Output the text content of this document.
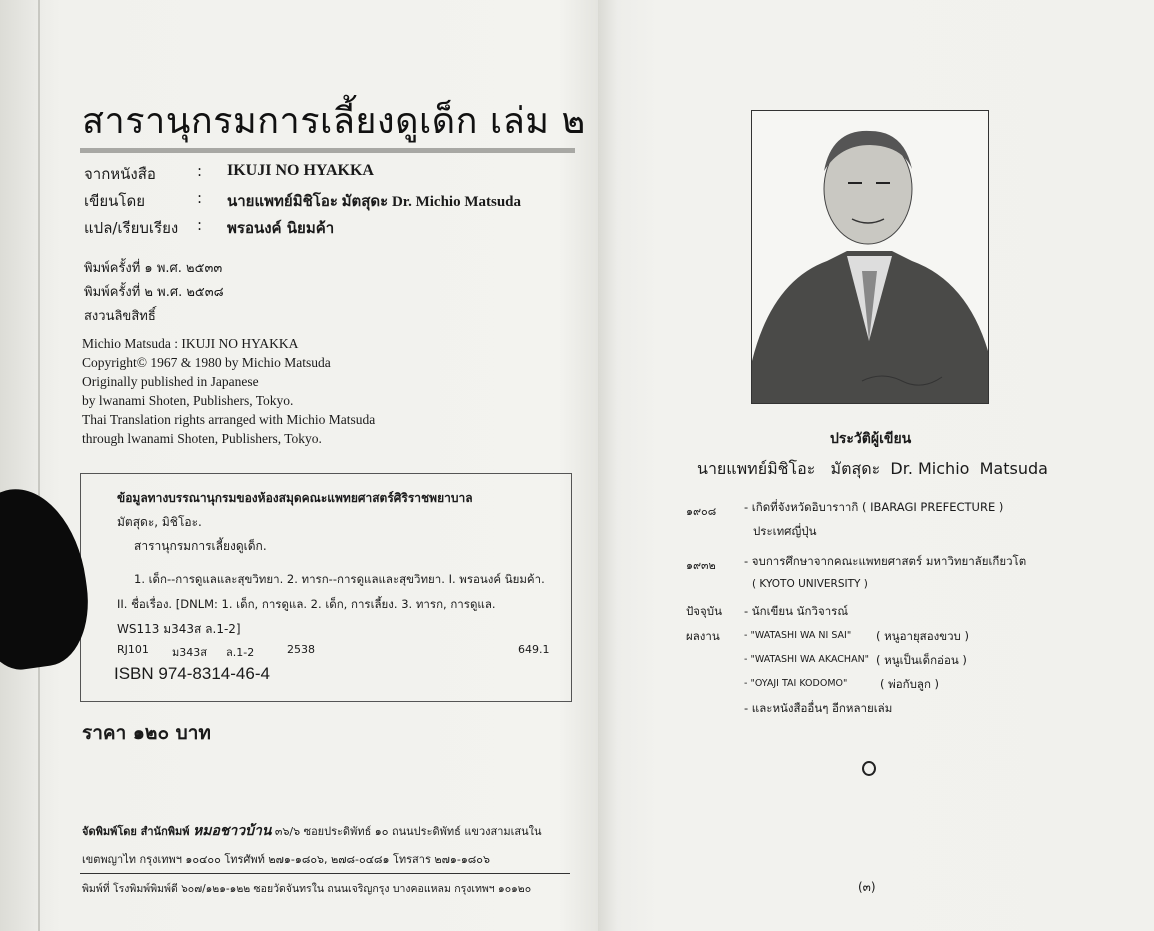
สารานุกรมการเลี้ยงดูเด็ก เล่ม ๒
จากหนังสือ	: IKUJI NO HYAKKA
เขียนโดย	: นายแพทย์มิชิโอะ มัตสุดะ Dr. Michio Matsuda
แปล/เรียบเรียง : พรอนงค์ นิยมค้า
พิมพ์ครั้งที่ ๑ พ.ศ. ๒๕๓๓
พิมพ์ครั้งที่ ๒ พ.ศ. ๒๕๓๘
สงวนลิขสิทธิ์
Michio Matsuda : IKUJI NO HYAKKA
Copyright© 1967 & 1980 by Michio Matsuda
Originally published in Japanese
by lwanami Shoten, Publishers, Tokyo.
Thai Translation rights arranged with Michio Matsuda
through lwanami Shoten, Publishers, Tokyo.
ข้อมูลทางบรรณานุกรมของห้องสมุดคณะแพทยศาสตร์ศิริราชพยาบาล
มัตสุดะ, มิชิโอะ.
สารานุกรมการเลี้ยงดูเด็ก.
1. เด็ก--การดูแลและสุขวิทยา. 2. ทารก--การดูแลและสุขวิทยา. I. พรอนงค์ นิยมค้า.
II. ชื่อเรื่อง. [DNLM: 1. เด็ก, การดูแล. 2. เด็ก, การเลี้ยง. 3. ทารก, การดูแล.
WS113 ม343ส ล.1-2]
RJ101 ม343ส ล.1-2	2538	649.1
ISBN 974-8314-46-4
ราคา ๑๒๐ บาท
จัดพิมพ์โดย สำนักพิมพ์ หมอชาวบ้าน ๓๖/๖ ซอยประดิพัทธ์ ๑๐ ถนนประดิพัทธ์ แขวงสามเสนใน
เขตพญาไท กรุงเทพฯ ๑๐๔๐๐ โทรศัพท์ ๒๗๑-๑๘๐๖, ๒๗๘-๐๔๘๑ โทรสาร ๒๗๑-๑๘๐๖
พิมพ์ที่ โรงพิมพ์พิมพ์ดี ๖๐๗/๑๒๑-๑๒๒ ซอยวัดจันทรใน ถนนเจริญกรุง บางคอแหลม กรุงเทพฯ ๑๐๑๒๐
ประวัติผู้เขียน
นายแพทย์มิชิโอะ   มัตสุดะ  Dr. Michio  Matsuda
๑๙๐๘ - เกิดที่จังหวัดอิบาราากิ ( IBARAGI PREFECTURE )
ประเทศญี่ปุ่น
๑๙๓๒ - จบการศึกษาจากคณะแพทยศาสตร์ มหาวิทยาลัยเกียวโต
( KYOTO UNIVERSITY )
ปัจจุบัน - นักเขียน นักวิจารณ์
ผลงาน	- "WATASHI WA NI SAI" ( หนูอายุสองขวบ )
- "WATASHI WA AKACHAN" ( หนูเป็นเด็กอ่อน )
- "OYAJI TAI KODOMO"	( พ่อกับลูก )
- และหนังสืออื่นๆ อีกหลายเล่ม
(๓)
